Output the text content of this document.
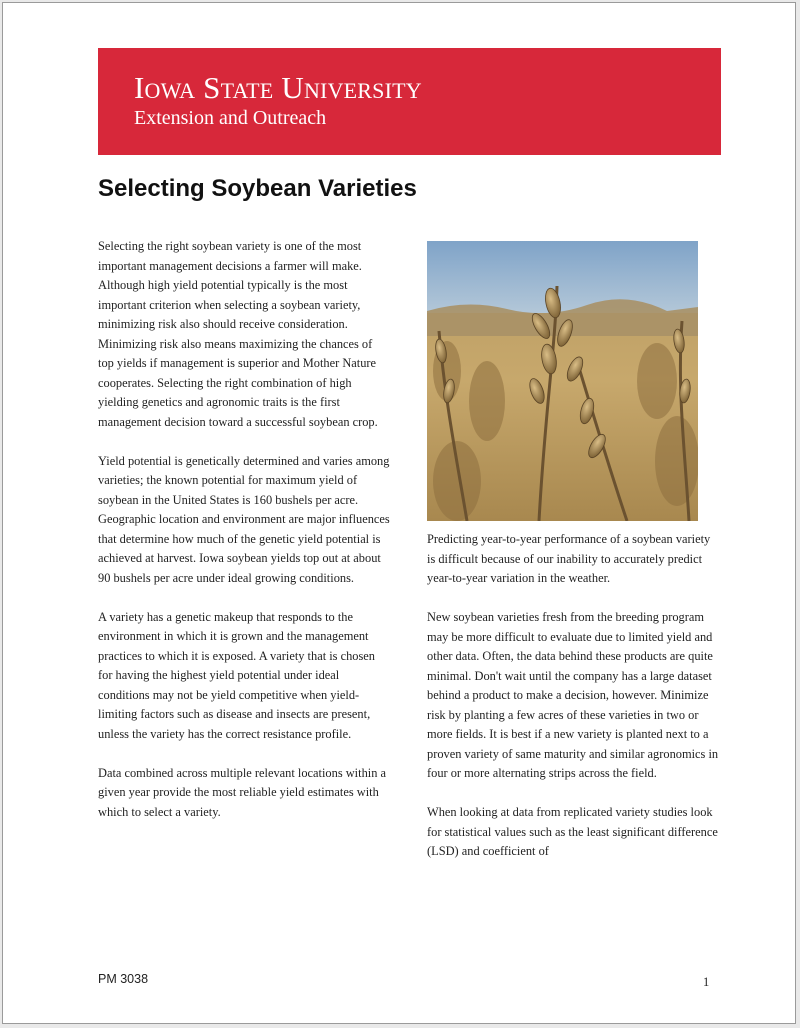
Iowa State University
Extension and Outreach
Selecting Soybean Varieties

Selecting the right soybean variety is one of the most important management decisions a farmer will make. Although high yield potential typically is the most important criterion when selecting a soybean variety, minimizing risk also should receive consideration. Minimizing risk also means maximizing the chances of top yields if management is superior and Mother Nature cooperates. Selecting the right combination of high yielding genetics and agronomic traits is the first management decision toward a successful soybean crop.

Yield potential is genetically determined and varies among varieties; the known potential for maximum yield of soybean in the United States is 160 bushels per acre. Geographic location and environment are major influences that determine how much of the genetic yield potential is achieved at harvest. Iowa soybean yields top out at about 90 bushels per acre under ideal growing conditions.

A variety has a genetic makeup that responds to the environment in which it is grown and the management practices to which it is exposed. A variety that is chosen for having the highest yield potential under ideal conditions may not be yield competitive when yield-limiting factors such as disease and insects are present, unless the variety has the correct resistance profile.

Data combined across multiple relevant locations within a given year provide the most reliable yield estimates with which to select a variety.

Predicting year-to-year performance of a soybean variety is difficult because of our inability to accurately predict year-to-year variation in the weather.

New soybean varieties fresh from the breeding program may be more difficult to evaluate due to limited yield and other data. Often, the data behind these products are quite minimal. Don't wait until the company has a large dataset behind a product to make a decision, however. Minimize risk by planting a few acres of these varieties in two or more fields. It is best if a new variety is planted next to a proven variety of same maturity and similar agronomics in four or more alternating strips across the field.

When looking at data from replicated variety studies look for statistical values such as the least significant difference (LSD) and coefficient of

PM 3038	1
